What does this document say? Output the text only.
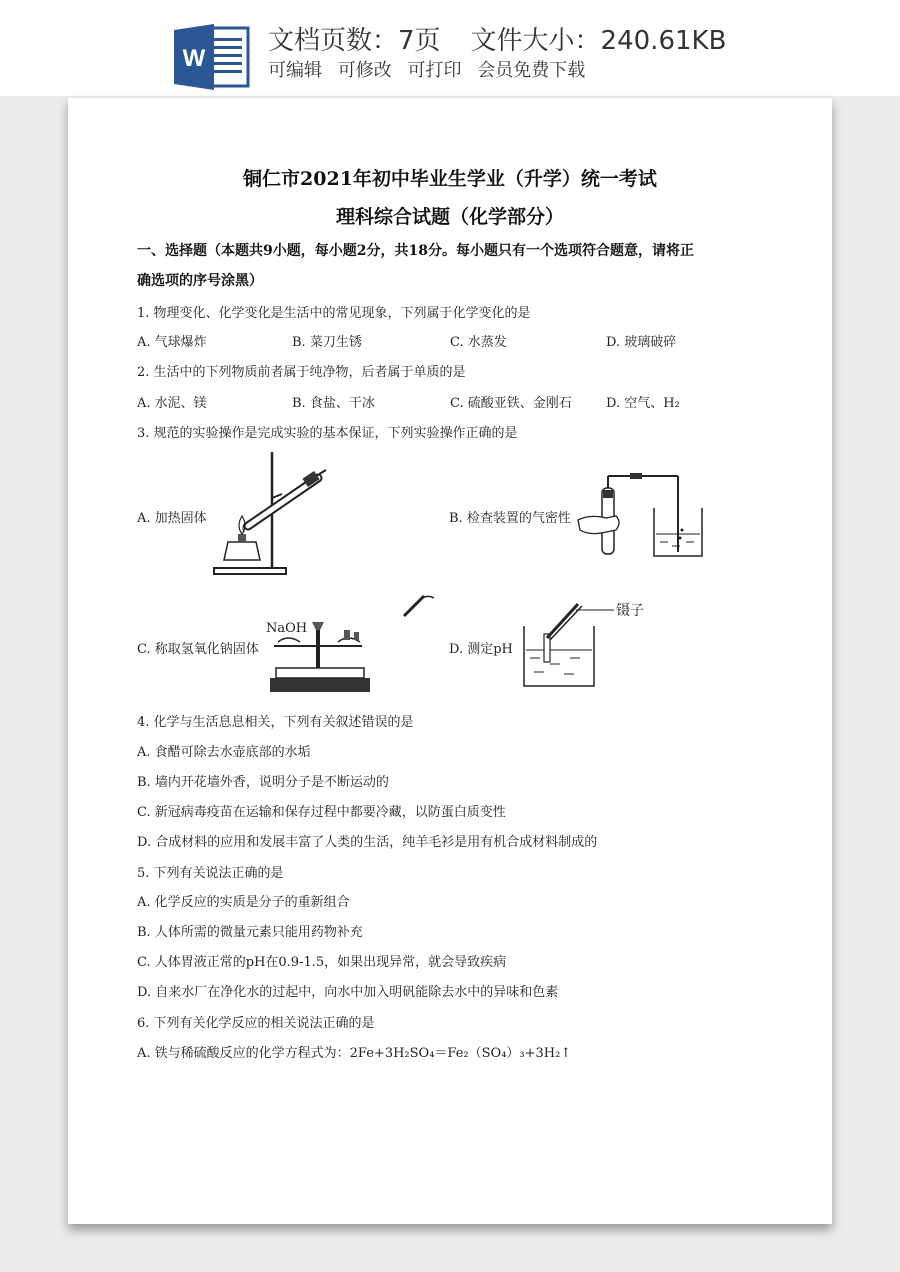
W
文档页数：7页 文件大小：240.61KB
可编辑 可修改 可打印 会员免费下载
铜仁市2021年初中毕业生学业（升学）统一考试
理科综合试题（化学部分）
一、选择题（本题共9小题，每小题2分，共18分。每小题只有一个选项符合题意，请将正
确选项的序号涂黑）
1. 物理变化、化学变化是生活中的常见现象，下列属于化学变化的是
A. 气球爆炸	B. 菜刀生锈	C. 水蒸发	D. 玻璃破碎
2. 生活中的下列物质前者属于纯净物，后者属于单质的是
A. 水泥、镁	B. 食盐、干冰	C. 硫酸亚铁、金刚石	D. 空气、H₂
3. 规范的实验操作是完成实验的基本保证，下列实验操作正确的是
A. 加热固体	B. 检查装置的气密性
C. 称取氢氧化钠固体
NaOH
D. 测定pH
镊子
4. 化学与生活息息相关，下列有关叙述错误的是
A. 食醋可除去水壶底部的水垢
B. 墙内开花墙外香，说明分子是不断运动的
C. 新冠病毒疫苗在运输和保存过程中都要冷藏，以防蛋白质变性
D. 合成材料的应用和发展丰富了人类的生活，纯羊毛衫是用有机合成材料制成的
5. 下列有关说法正确的是
A. 化学反应的实质是分子的重新组合
B. 人体所需的微量元素只能用药物补充
C. 人体胃液正常的pH在0.9-1.5，如果出现异常，就会导致疾病
D. 自来水厂在净化水的过起中，向水中加入明矾能除去水中的异味和色素
6. 下列有关化学反应的相关说法正确的是
A. 铁与稀硫酸反应的化学方程式为：2Fe+3H₂SO₄＝Fe₂（SO₄）₃+3H₂↑
